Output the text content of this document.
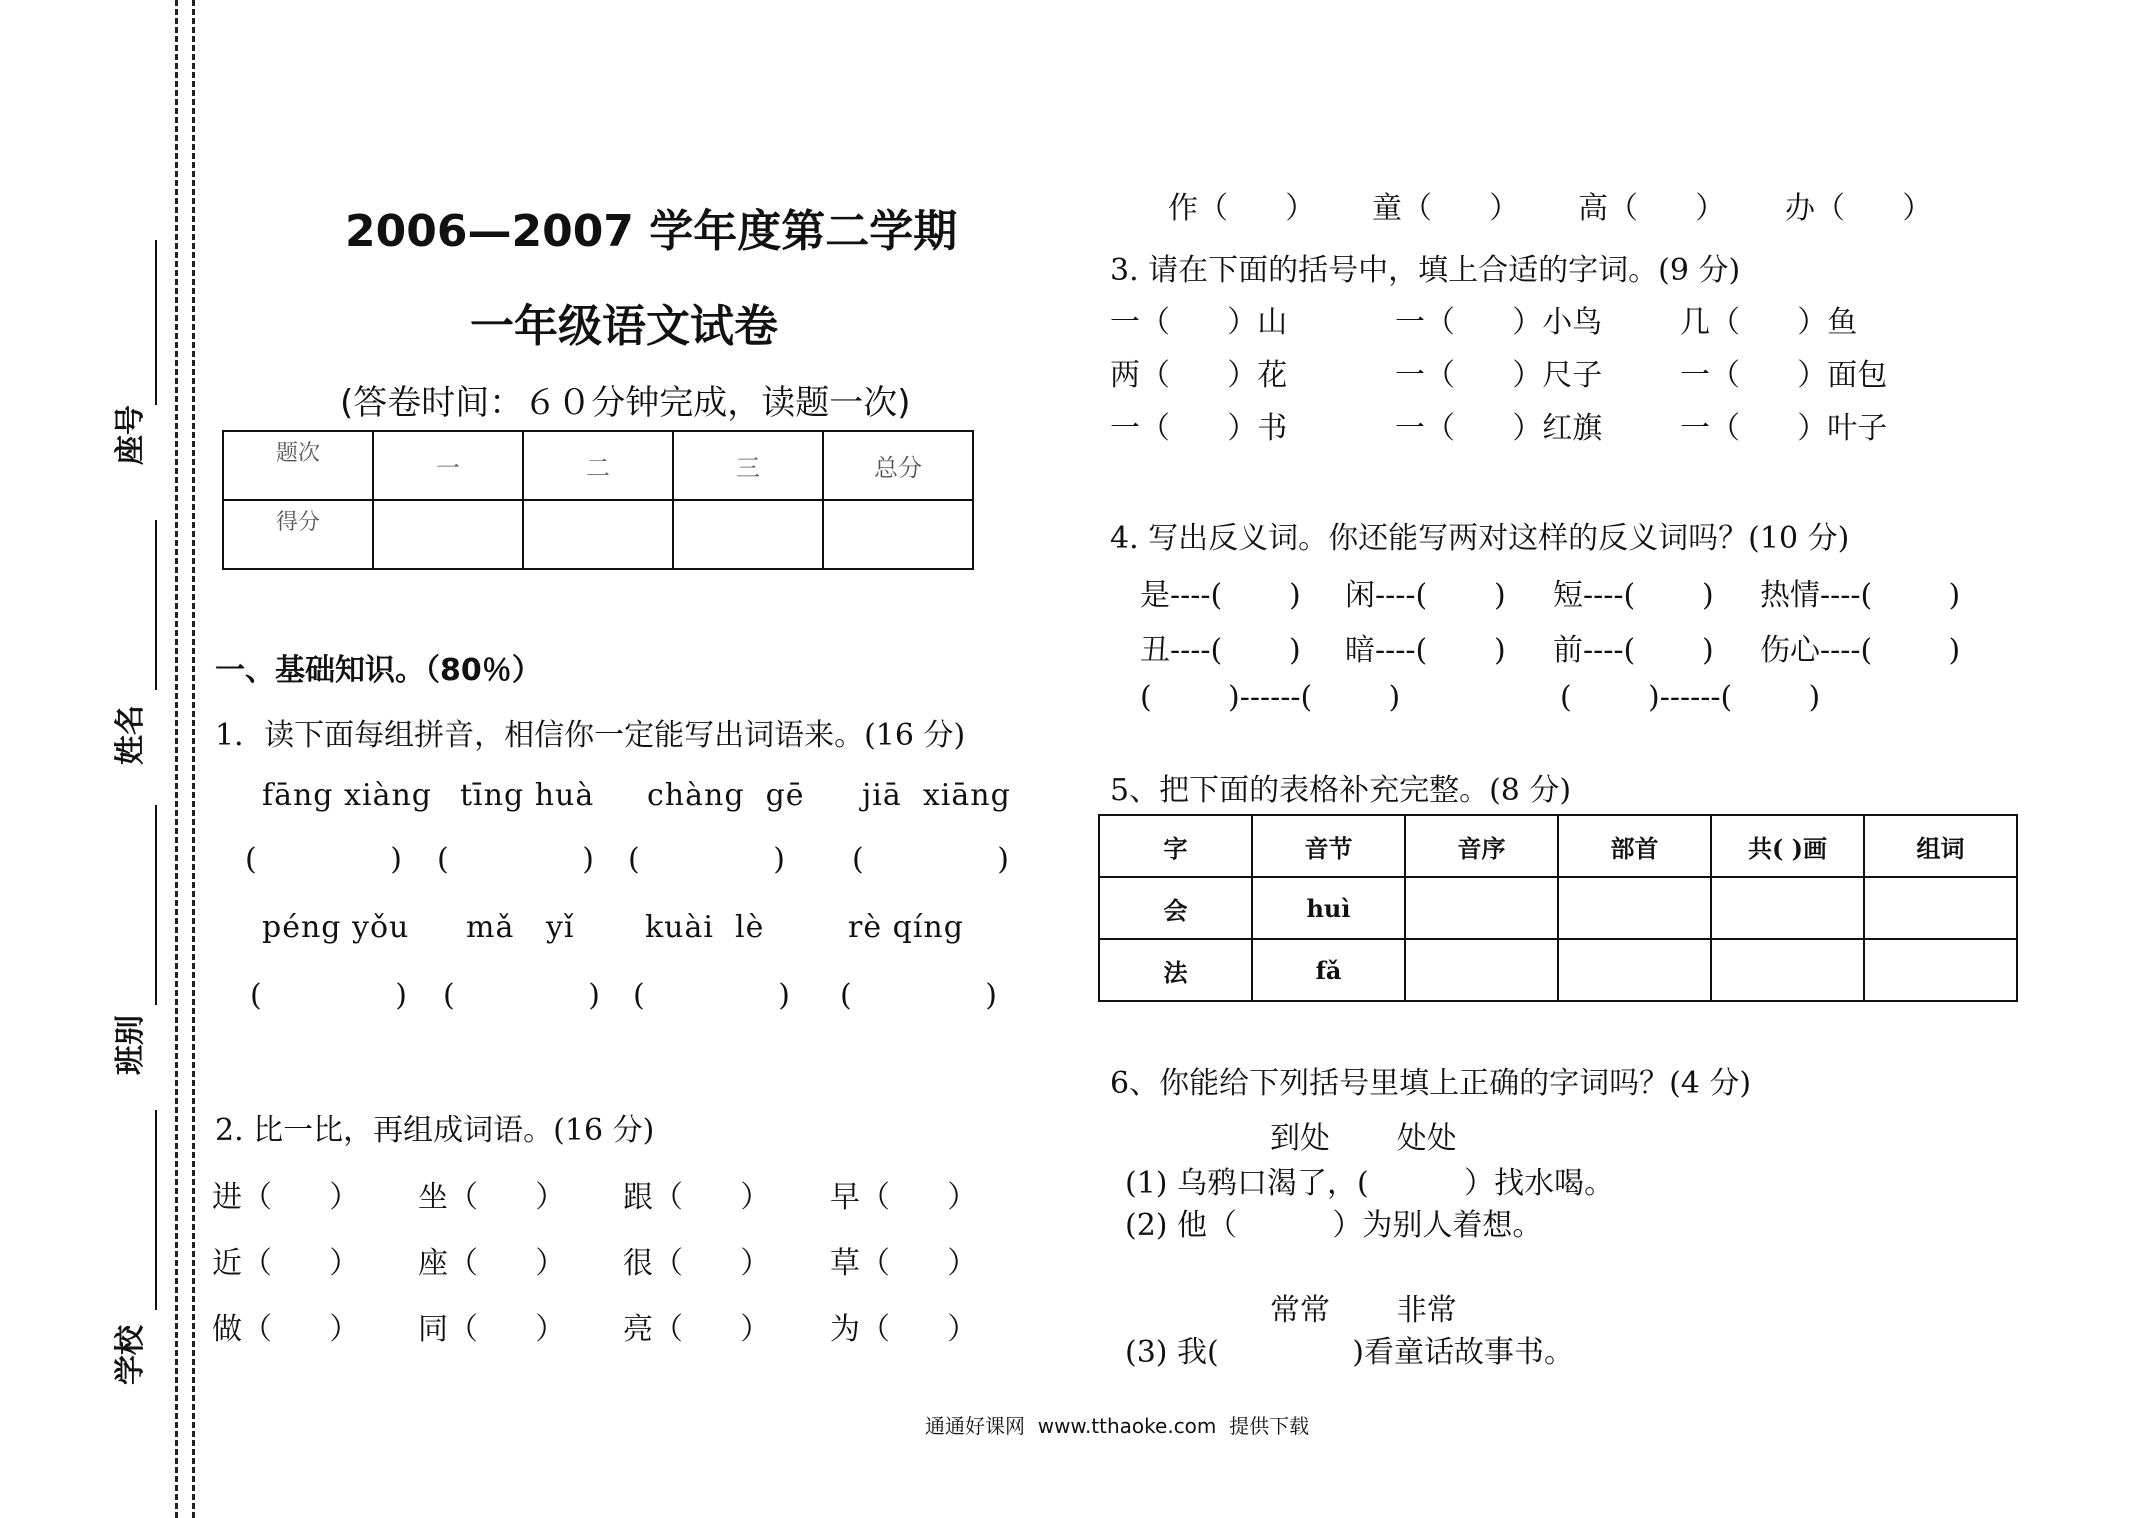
座号
姓名
班别
学校
2006—2007 学年度第二学期
一年级语文试卷
(答卷时间：６０分钟完成，读题一次)
题次	一	二	三	总分
得分				
一、基础知识。（80％）
1．读下面每组拼音，相信你一定能写出词语来。(16 分)
fāng xiàng tīng huà chàng  gē jiā  xiāng
(              ) (              ) (              ) (              )
péng yǒu mǎ   yǐ kuài  lè	rè qíng
(              ) (              ) (              ) (              )
2. 比一比，再组成词语。(16 分)
进（      ） 坐（      ） 跟（      ） 早（      ）
近（      ） 座（      ） 很（      ） 草（      ）
做（      ） 同（      ） 亮（      ） 为（      ）
作（      ） 童（      ） 高（      ） 办（      ）
3. 请在下面的括号中，填上合适的字词。(9 分)
一（      ）山	一（      ）小鸟	几（      ）鱼
两（      ）花	一（      ）尺子	一（      ）面包
一（      ）书	一（      ）红旗	一（      ）叶子
4. 写出反义词。你还能写两对这样的反义词吗？(10 分)
是----(       ) 闲----(       ) 短----(       ) 热情----(        )
丑----(       ) 暗----(       ) 前----(       ) 伤心----(        )
(        )------(        )	(        )------(        )
5、把下面的表格补充完整。(8 分)
字	音节	音序	部首	共( )画	组词
会	huì				
法	fǎ				
6、你能给下列括号里填上正确的字词吗？(4 分)
到处       处处
(1) 乌鸦口渴了，(          ）找水喝。
(2) 他（          ）为别人着想。
常常       非常
(3) 我(              )看童话故事书。
通通好课网  www.tthaoke.com  提供下载
